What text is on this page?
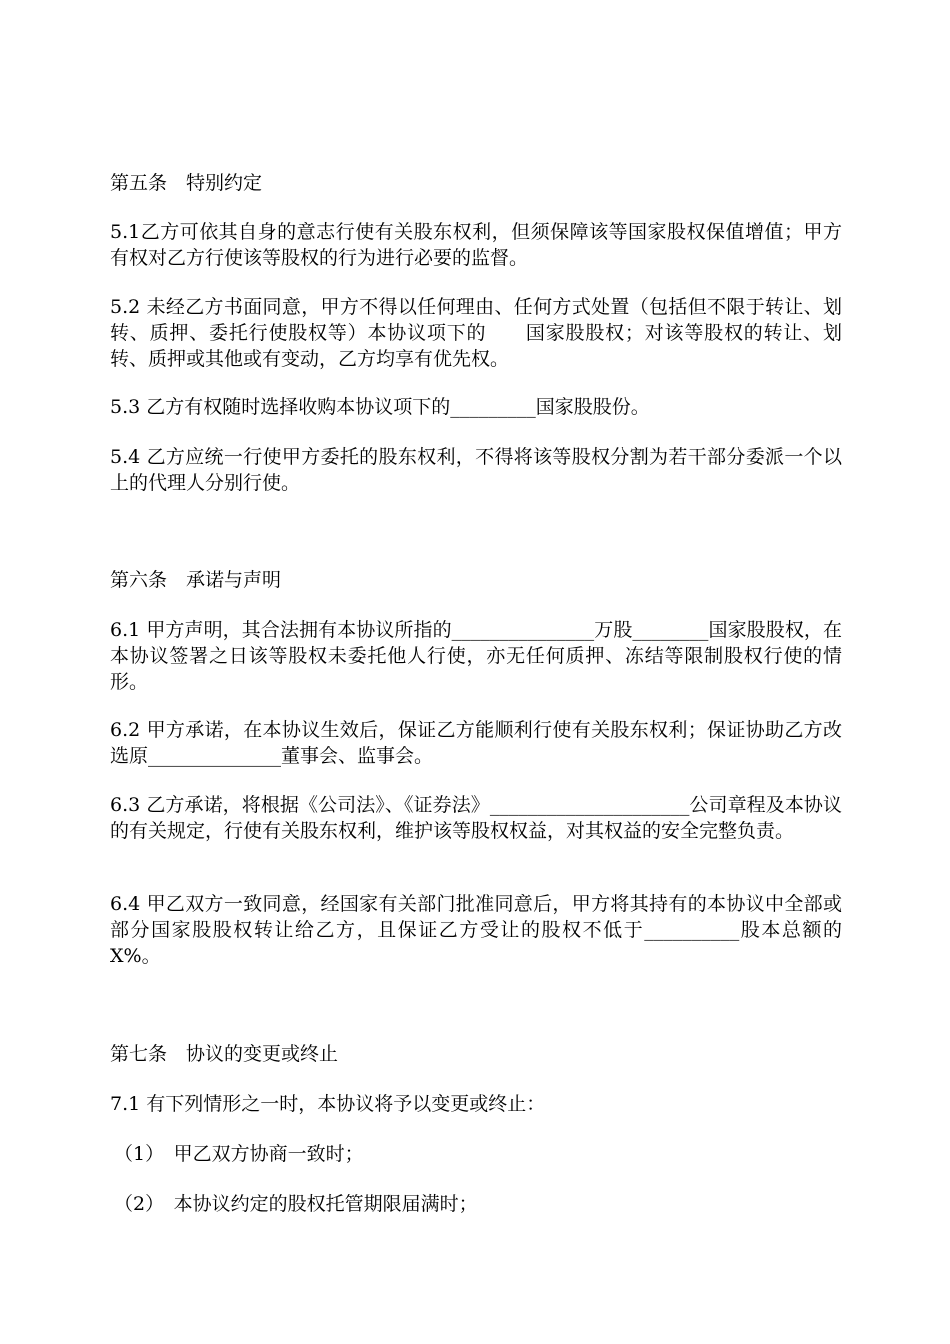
第五条　特别约定

5.1乙方可依其自身的意志行使有关股东权利，但须保障该等国家股权保值增值；甲方有权对乙方行使该等股权的行为进行必要的监督。

5.2 未经乙方书面同意，甲方不得以任何理由、任何方式处置（包括但不限于转让、划转、质押、委托行使股权等）本协议项下的　　国家股股权；对该等股权的转让、划转、质押或其他或有变动，乙方均享有优先权。

5.3 乙方有权随时选择收购本协议项下的_________国家股股份。

5.4 乙方应统一行使甲方委托的股东权利，不得将该等股权分割为若干部分委派一个以上的代理人分别行使。

第六条　承诺与声明

6.1 甲方声明，其合法拥有本协议所指的_______________万股________国家股股权，在本协议签署之日该等股权未委托他人行使，亦无任何质押、冻结等限制股权行使的情形。

6.2 甲方承诺，在本协议生效后，保证乙方能顺利行使有关股东权利；保证协助乙方改选原______________董事会、监事会。

6.3 乙方承诺，将根据《公司法》、《证券法》_____________________公司章程及本协议的有关规定，行使有关股东权利，维护该等股权权益，对其权益的安全完整负责。

6.4 甲乙双方一致同意，经国家有关部门批准同意后，甲方将其持有的本协议中全部或部分国家股股权转让给乙方，且保证乙方受让的股权不低于__________股本总额的X%。

第七条　协议的变更或终止

7.1 有下列情形之一时，本协议将予以变更或终止：

（1）　甲乙双方协商一致时；

（2）　本协议约定的股权托管期限届满时；
